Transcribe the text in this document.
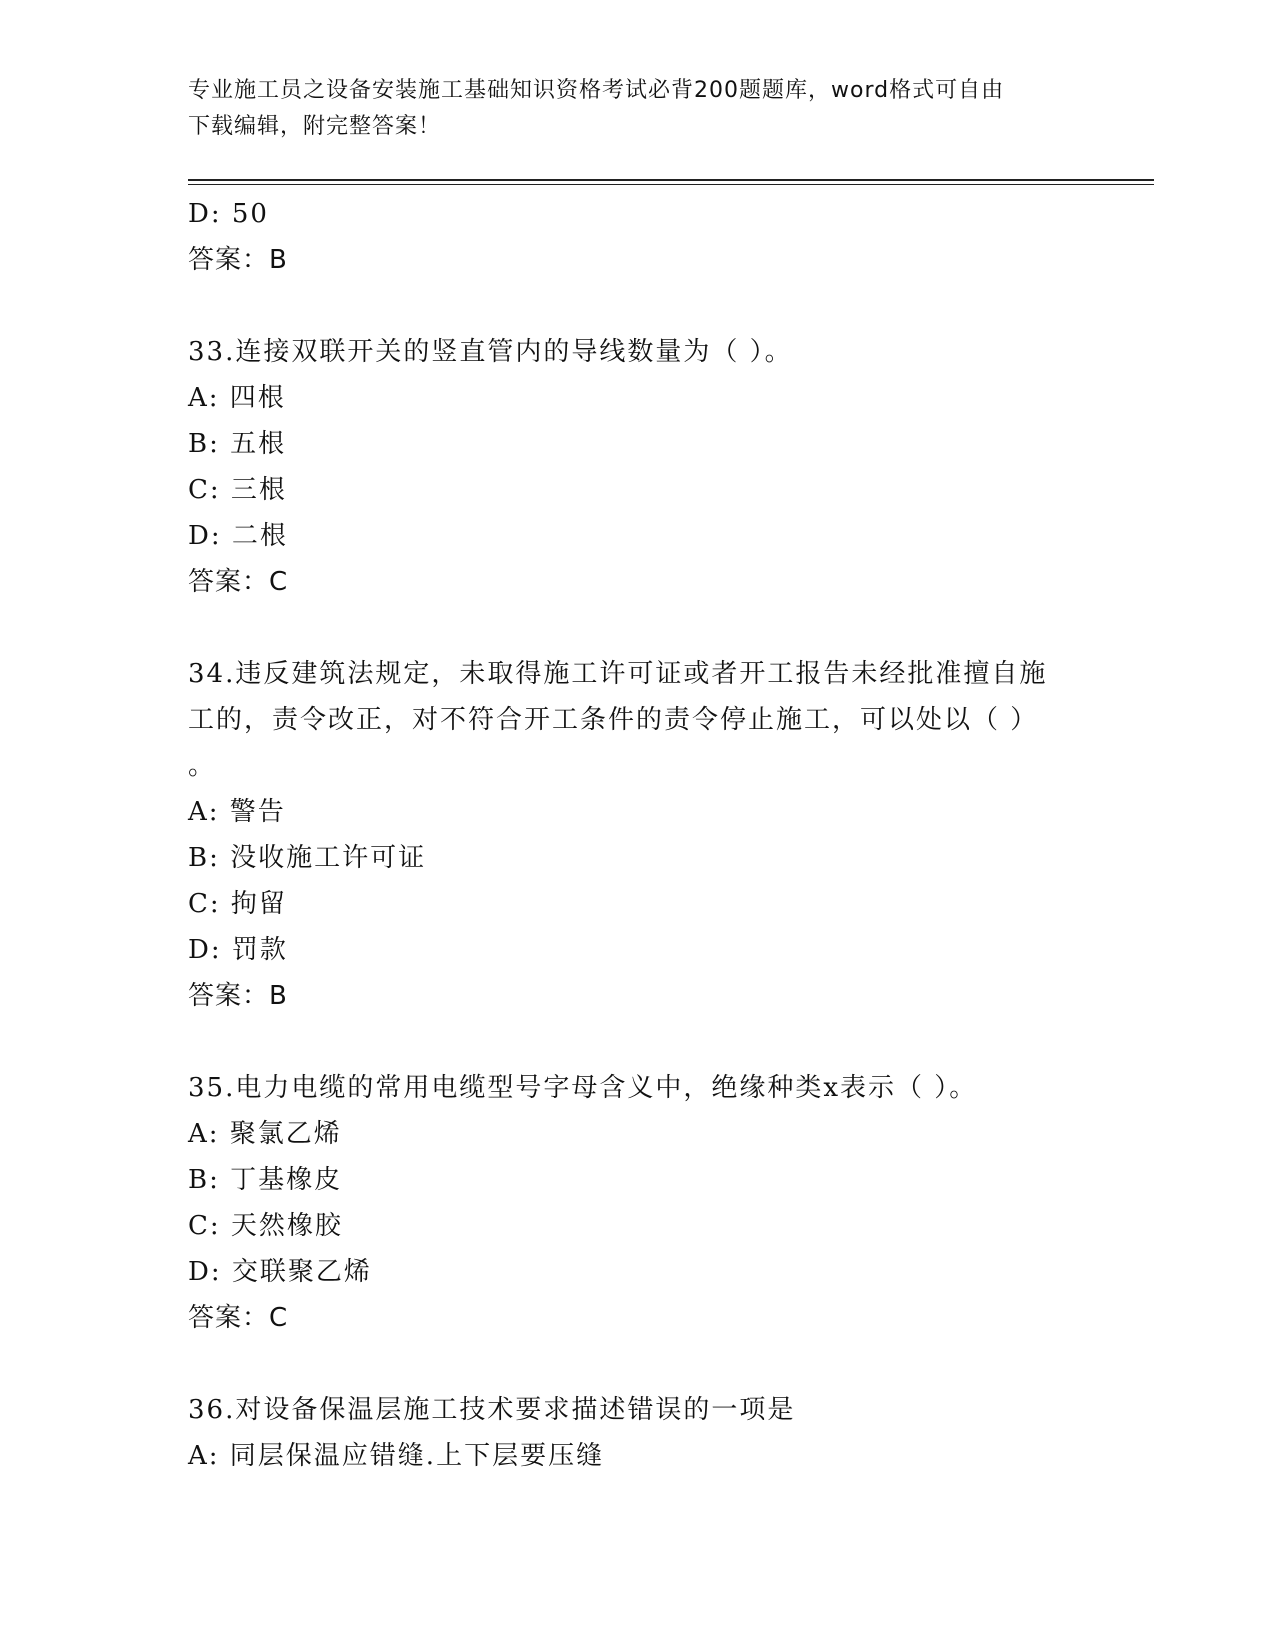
专业施工员之设备安装施工基础知识资格考试必背200题题库，word格式可自由
下载编辑，附完整答案！
D: 50
答案：B
33.连接双联开关的竖直管内的导线数量为（ ）。
A: 四根
B: 五根
C: 三根
D: 二根
答案：C
34.违反建筑法规定，未取得施工许可证或者开工报告未经批准擅自施
工的，责令改正，对不符合开工条件的责令停止施工，可以处以（ ）
。
A: 警告
B: 没收施工许可证
C: 拘留
D: 罚款
答案：B
35.电力电缆的常用电缆型号字母含义中，绝缘种类x表示（ ）。
A: 聚氯乙烯
B: 丁基橡皮
C: 天然橡胶
D: 交联聚乙烯
答案：C
36.对设备保温层施工技术要求描述错误的一项是
A: 同层保温应错缝.上下层要压缝
